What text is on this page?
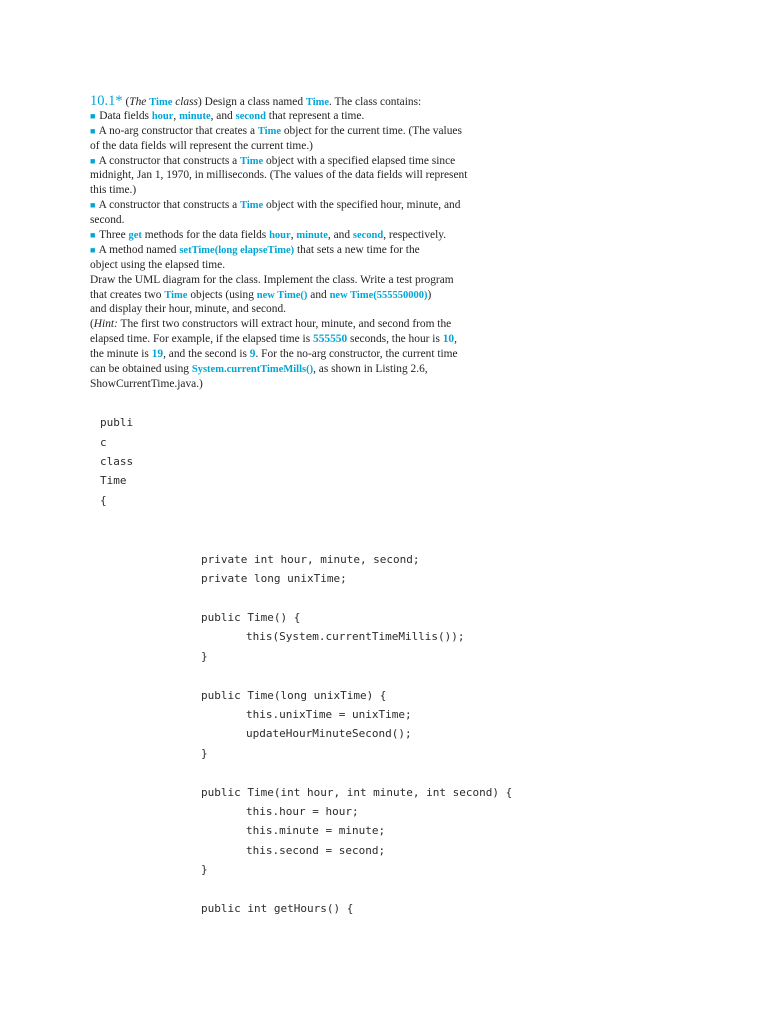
10.1* (The Time class) Design a class named Time. The class contains:
■ Data fields hour, minute, and second that represent a time.
■ A no-arg constructor that creates a Time object for the current time. (The values
of the data fields will represent the current time.)
■ A constructor that constructs a Time object with a specified elapsed time since
midnight, Jan 1, 1970, in milliseconds. (The values of the data fields will represent
this time.)
■ A constructor that constructs a Time object with the specified hour, minute, and
second.
■ Three get methods for the data fields hour, minute, and second, respectively.
■ A method named setTime(long elapseTime) that sets a new time for the
object using the elapsed time.
Draw the UML diagram for the class. Implement the class. Write a test program
that creates two Time objects (using new Time() and new Time(555550000))
and display their hour, minute, and second.
(Hint: The first two constructors will extract hour, minute, and second from the
elapsed time. For example, if the elapsed time is 555550 seconds, the hour is 10,
the minute is 19, and the second is 9. For the no-arg constructor, the current time
can be obtained using System.currentTimeMills(), as shown in Listing 2.6,
ShowCurrentTime.java.)
publi
c
class
Time
{
private int hour, minute, second;
private long unixTime;
public Time() {
this(System.currentTimeMillis());
}
public Time(long unixTime) {
this.unixTime = unixTime;
updateHourMinuteSecond();
}
public Time(int hour, int minute, int second) {
this.hour = hour;
this.minute = minute;
this.second = second;
}
public int getHours() {
